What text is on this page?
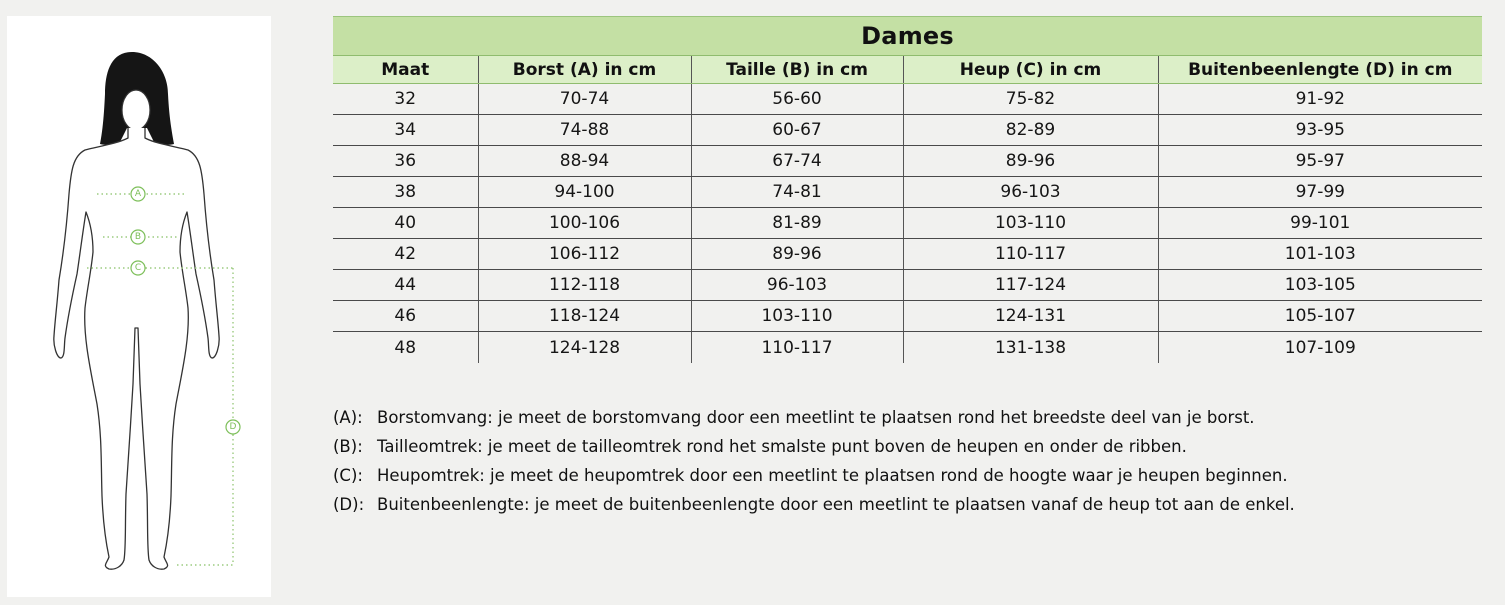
A
B
C
D
Dames				
Maat	Borst (A) in cm	Taille (B) in cm	Heup (C) in cm	Buitenbeenlengte (D) in cm
32	70-74	56-60	75-82	91-92
34	74-88	60-67	82-89	93-95
36	88-94	67-74	89-96	95-97
38	94-100	74-81	96-103	97-99
40	100-106	81-89	103-110	99-101
42	106-112	89-96	110-117	101-103
44	112-118	96-103	117-124	103-105
46	118-124	103-110	124-131	105-107
48	124-128	110-117	131-138	107-109
(A): Borstomvang: je meet de borstomvang door een meetlint te plaatsen rond het breedste deel van je borst.
(B): Tailleomtrek: je meet de tailleomtrek rond het smalste punt boven de heupen en onder de ribben.
(C): Heupomtrek: je meet de heupomtrek door een meetlint te plaatsen rond de hoogte waar je heupen beginnen.
(D): Buitenbeenlengte: je meet de buitenbeenlengte door een meetlint te plaatsen vanaf de heup tot aan de enkel.
